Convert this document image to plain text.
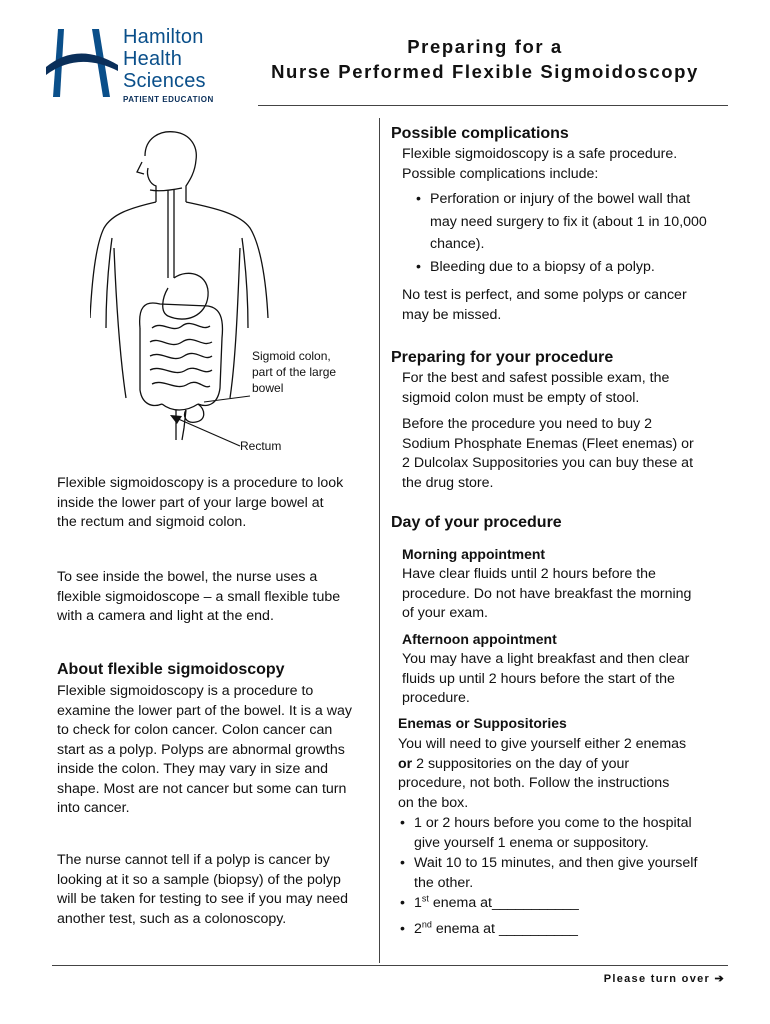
Hamilton
Health
Sciences
PATIENT EDUCATION
Preparing for a
Nurse Performed Flexible Sigmoidoscopy
Sigmoid colon,
part of the large
bowel
Rectum
Flexible sigmoidoscopy is a procedure to look inside the lower part of your large bowel at the rectum and sigmoid colon.
To see inside the bowel, the nurse uses a flexible sigmoidoscope – a small flexible tube with a camera and light at the end.
About flexible sigmoidoscopy
Flexible sigmoidoscopy is a procedure to examine the lower part of the bowel. It is a way to check for colon cancer. Colon cancer can start as a polyp. Polyps are abnormal growths inside the colon. They may vary in size and shape. Most are not cancer but some can turn into cancer.
The nurse cannot tell if a polyp is cancer by looking at it so a sample (biopsy) of the polyp will be taken for testing to see if you may need another test, such as a colonoscopy.
Possible complications
Flexible sigmoidoscopy is a safe procedure. Possible complications include:
• Perforation or injury of the bowel wall that may need surgery to fix it (about 1 in 10,000 chance).
• Bleeding due to a biopsy of a polyp.
No test is perfect, and some polyps or cancer may be missed.
Preparing for your procedure
For the best and safest possible exam, the sigmoid colon must be empty of stool.
Before the procedure you need to buy 2 Sodium Phosphate Enemas (Fleet enemas) or 2 Dulcolax Suppositories you can buy these at the drug store.
Day of your procedure
Morning appointment
Have clear fluids until 2 hours before the procedure. Do not have breakfast the morning of your exam.
Afternoon appointment
You may have a light breakfast and then clear fluids up until 2 hours before the start of the procedure.
Enemas or Suppositories
You will need to give yourself either 2 enemas or 2 suppositories on the day of your procedure, not both. Follow the instructions on the box.
• 1 or 2 hours before you come to the hospital give yourself 1 enema or suppository.
• Wait 10 to 15 minutes, and then give yourself the other.
• 1st enema at___________
• 2nd enema at __________
Please turn over ➔
